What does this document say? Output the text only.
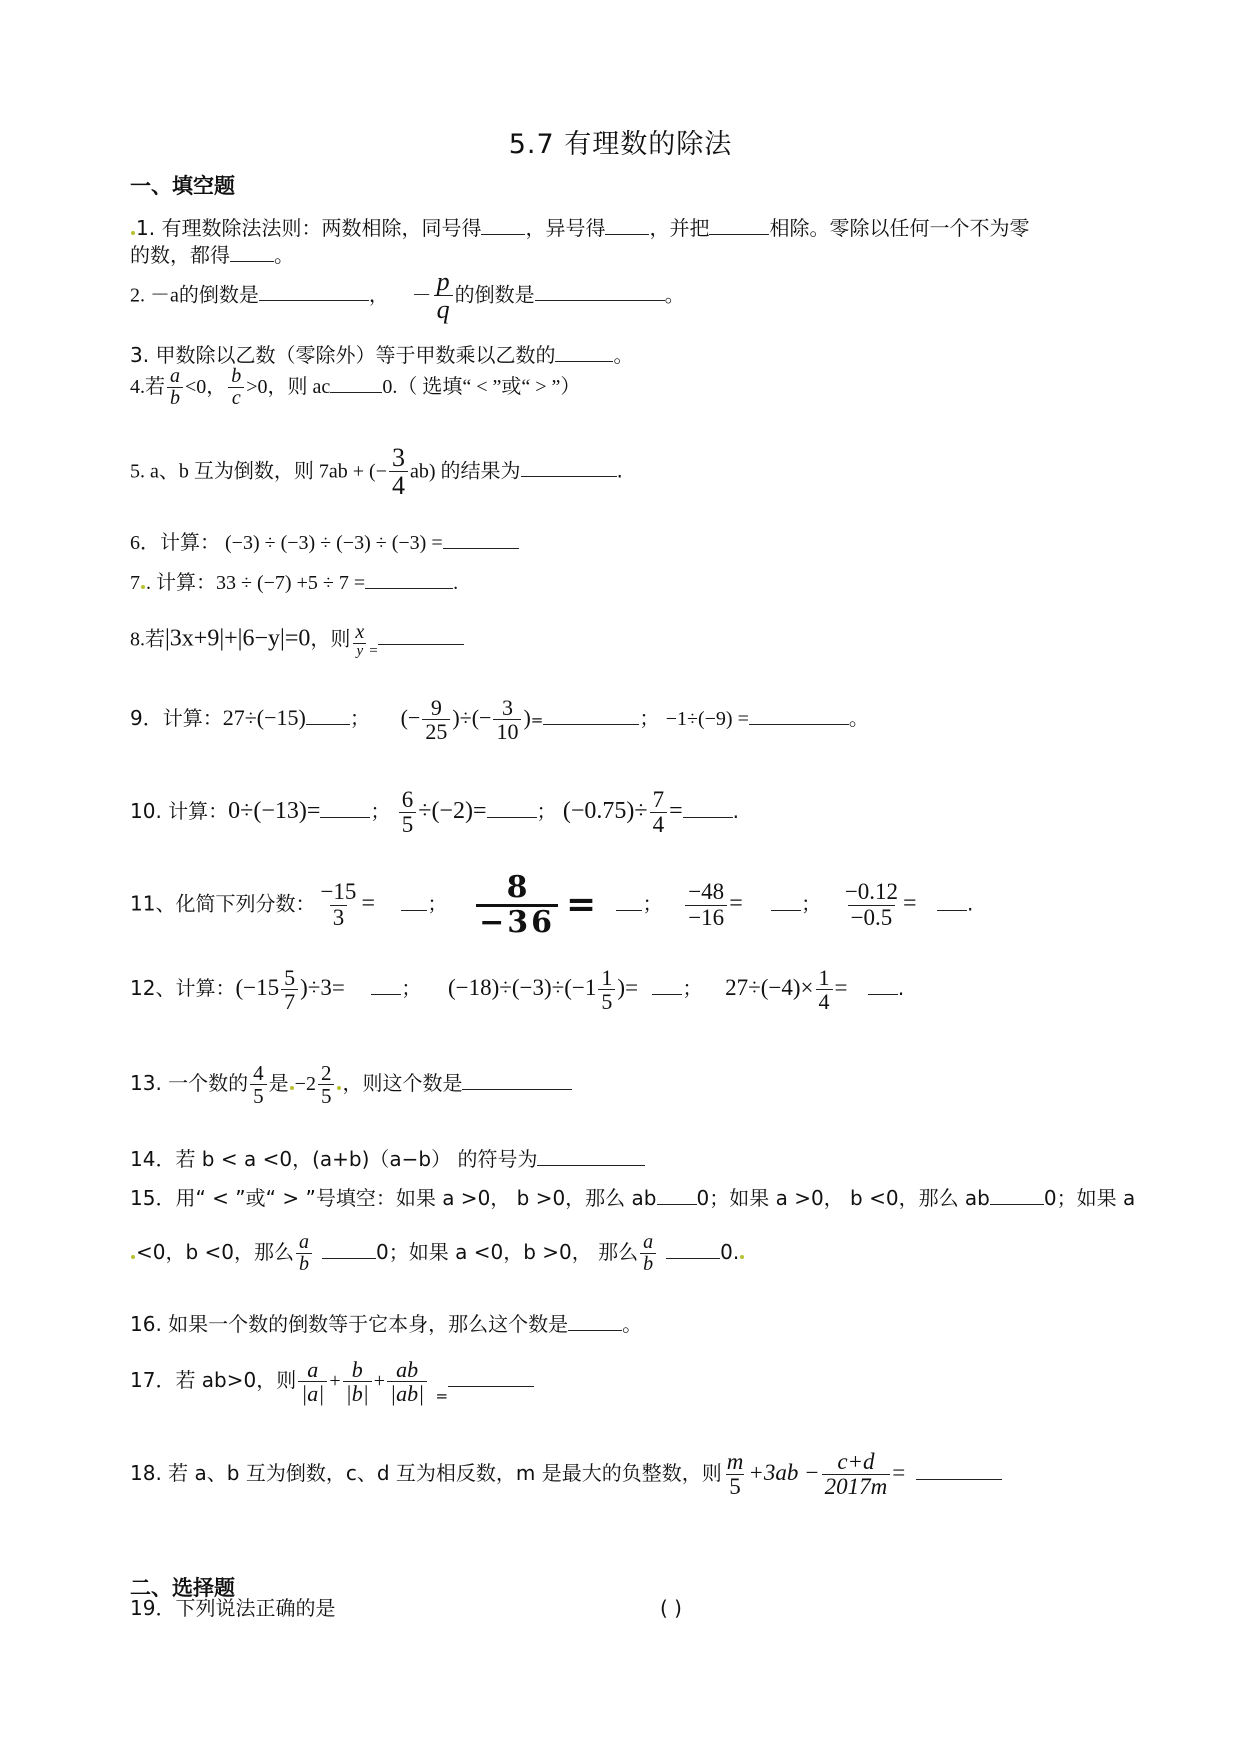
5.7 有理数的除法
一、填空题
1. 有理数除法法则：两数相除，同号得 ，异号得 ，并把	相除。零除以任何一个不为零
的数，都得 。
2. －a的倒数是	， － $\frac{p}{q}$ 的倒数是	。
3. 甲数除以乙数（零除外）等于甲数乘以乙数的	。
4.若 $\frac{a}{b} <0$， $\frac{b}{c} >0$，则 ac	0.（ 选填“ < ”或“ > ”）
5. a、b 互为倒数，则 7ab + (− $\frac{3}{4} ab$) 的结果为	.
6．计算： (−3) ÷ (−3) ÷ (−3) ÷ (−3) =
7 . 计算：33 ÷ (−7) +5 ÷ 7 =	.
8.若|3x+9|+|6−y|=0，则 $\frac{x}{y}$ =
9．计算：27÷(−15) ； (− $\frac{9}{25}$ )÷(− $\frac{3}{10}$ )=	； −1÷(−9) =	。
10. 计算：0÷(−13)=	； $\frac{6}{5} \div(-2)=$	； $(-0.75)\div \frac{7}{4}$ =	.
11、化简下列分数： $\frac{-15}{3}$ =	； $\frac{8}{-36}$ = ； $\frac{-48}{-16}$ =	； $\frac{-0.12}{-0.5}$ =	.
12、计算：$(-15 \frac{5}{7} )\div 3=$	； $(-18)\div(-3)\div(-1 \frac{1}{5}$ )= ； $27\div(-4)\times \frac{1}{4}$ =	.
13. 一个数的 $\frac{4}{5}$ 是 $-2 \frac{2}{5}$ ，则这个数是
14．若 b < a <0，(a+b)（a−b） 的符号为
15．用“ < ”或“ > ”号填空：如果 a >0， b >0，那么 ab 0；如果 a >0， b <0，那么 ab	0；如果 a
<0，b <0，那么 $\frac{a}{b}$	0；如果 a <0，b >0， 那么 $\frac{a}{b}$	0.
16. 如果一个数的倒数等于它本身，那么这个数是	。
17．若 ab>0，则 $\frac{a}{|a|} + \frac{b}{|b|} + \frac{ab}{|ab|}$ =
18. 若 a、b 互为倒数，c、d 互为相反数，m 是最大的负整数，则 $\frac{m}{5} +3ab - \frac{c+d}{2017m}$ =
二、选择题
19．下列说法正确的是	( )
